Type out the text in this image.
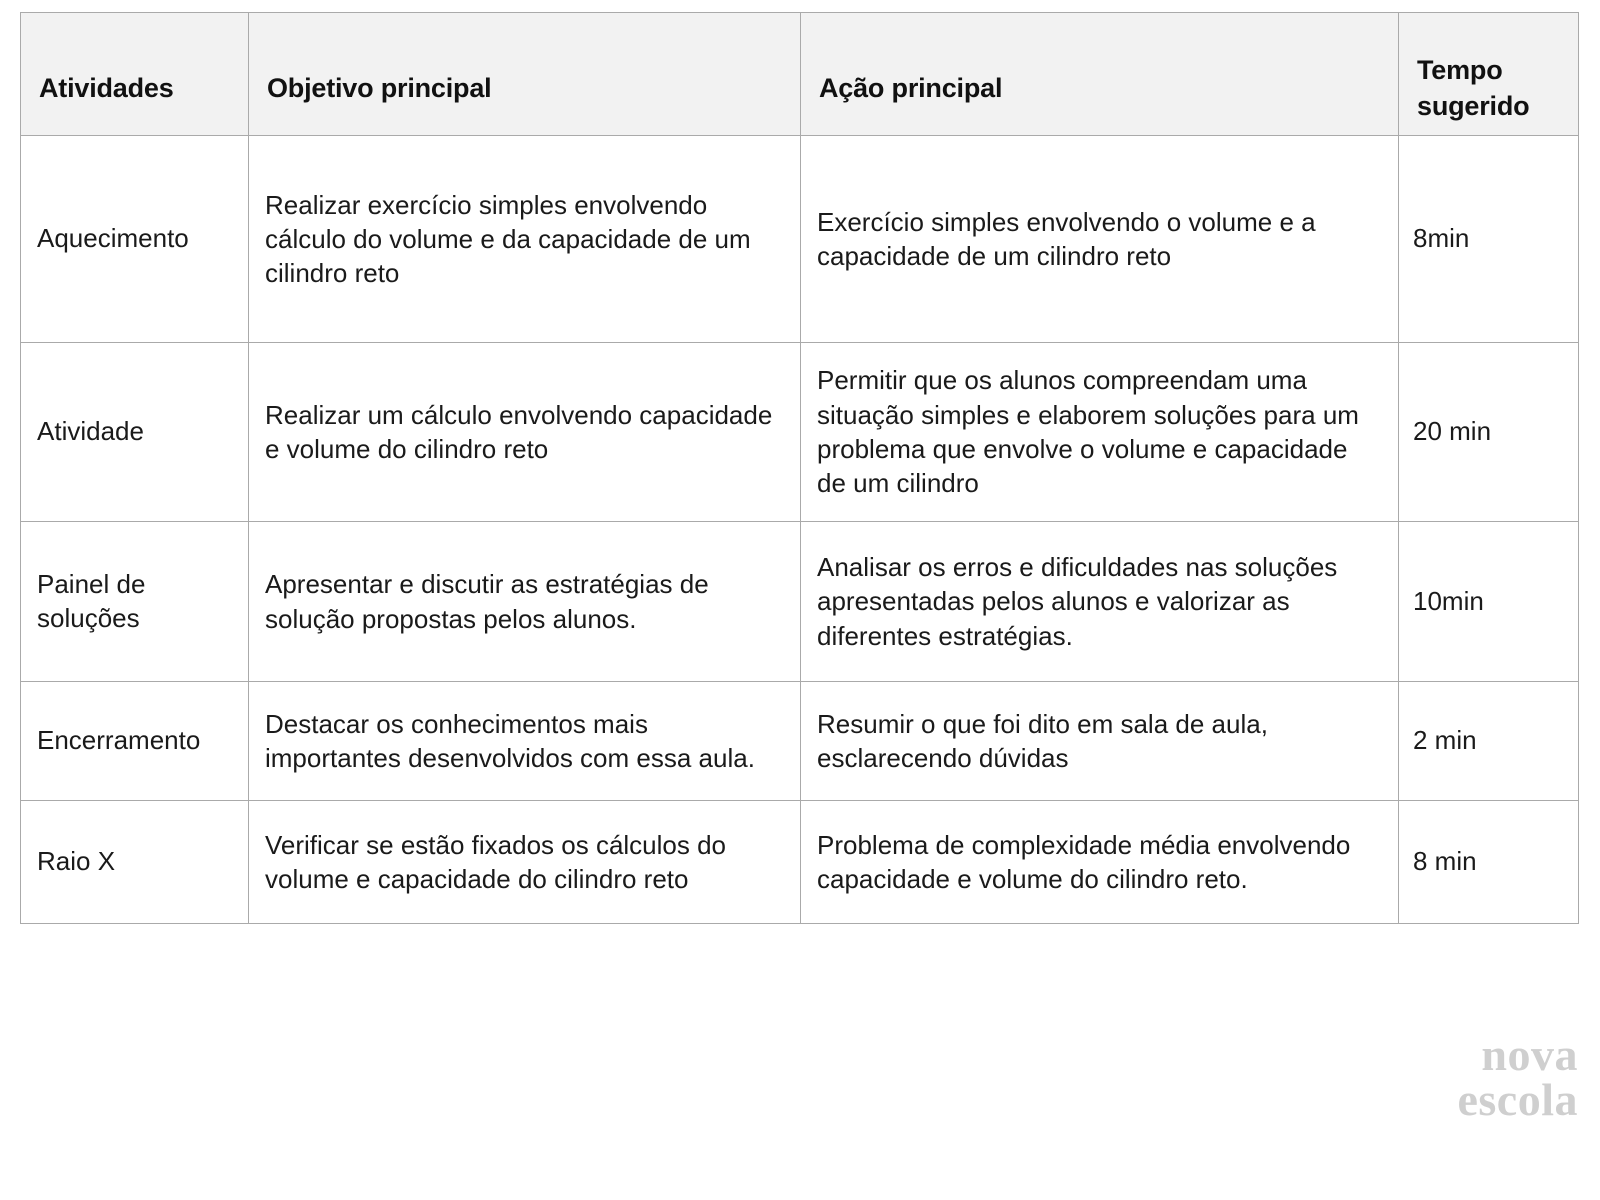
Atividades	Objetivo principal	Ação principal	Tempo sugerido

Aquecimento	Realizar exercício simples envolvendo cálculo do volume e da capacidade de um cilindro reto	Exercício simples envolvendo o volume e a capacidade de um cilindro reto	8min

Atividade	Realizar um cálculo envolvendo capacidade e volume do cilindro reto	Permitir que os alunos compreendam uma situação simples e elaborem soluções para um problema que envolve o volume e capacidade de um cilindro	20 min

Painel de soluções	Apresentar e discutir as estratégias de solução propostas pelos alunos.	Analisar os erros e dificuldades nas soluções apresentadas pelos alunos e valorizar as diferentes estratégias.	10min

Encerramento	Destacar os conhecimentos mais importantes desenvolvidos com essa aula.	Resumir o que foi dito em sala de aula, esclarecendo dúvidas	2 min

Raio X	Verificar se estão fixados os cálculos do volume e capacidade do cilindro reto	Problema de complexidade média envolvendo capacidade e volume do cilindro reto.	8 min
nova
escola
